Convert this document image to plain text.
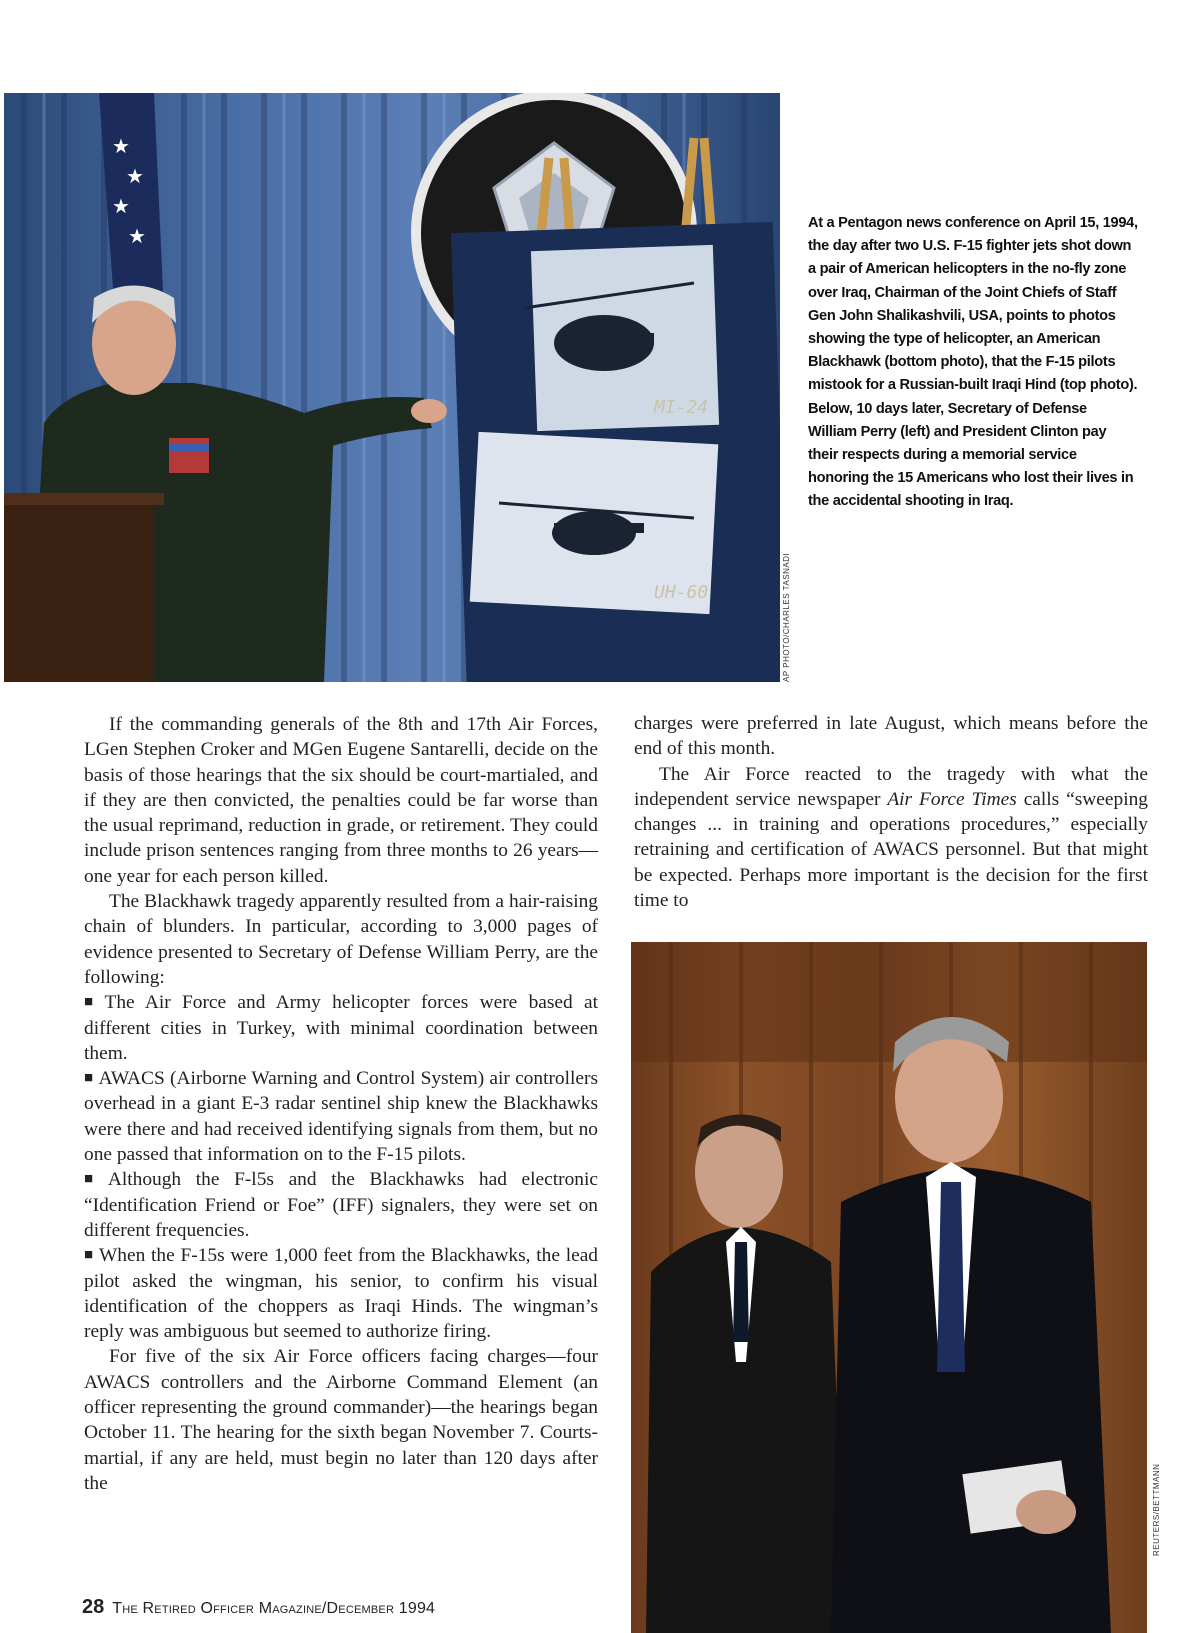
★
★
★
★
MI-24
UH-60	AP PHOTO/CHARLES TASNADI
At a Pentagon news conference on April 15, 1994, the day after two U.S. F-15 fighter jets shot down a pair of American helicopters in the no-fly zone over Iraq, Chairman of the Joint Chiefs of Staff Gen John Shalikashvili, USA, points to photos showing the type of helicopter, an American Blackhawk (bottom photo), that the F-15 pilots mistook for a Russian-built Iraqi Hind (top photo). Below, 10 days later, Secretary of Defense William Perry (left) and President Clinton pay their respects during a memorial service honoring the 15 Americans who lost their lives in the accidental shooting in Iraq.

If the commanding generals of the 8th and 17th Air Forces, LGen Stephen Croker and MGen Eugene Santarelli, decide on the basis of those hearings that the six should be court-martialed, and if they are then convicted, the penalties could be far worse than the usual reprimand, reduction in grade, or retirement. They could include prison sentences ranging from three months to 26 years—one year for each person killed.

The Blackhawk tragedy apparently resulted from a hair-raising chain of blunders. In particular, according to 3,000 pages of evidence presented to Secretary of Defense William Perry, are the following:

■ The Air Force and Army helicopter forces were based at different cities in Turkey, with minimal coordination between them.

■ AWACS (Airborne Warning and Control System) air controllers overhead in a giant E-3 radar sentinel ship knew the Blackhawks were there and had received identifying signals from them, but no one passed that information on to the F-15 pilots.

■ Although the F-l5s and the Blackhawks had electronic “Identification Friend or Foe” (IFF) signalers, they were set on different frequencies.

■ When the F-15s were 1,000 feet from the Blackhawks, the lead pilot asked the wingman, his senior, to confirm his visual identification of the choppers as Iraqi Hinds. The wingman’s reply was ambiguous but seemed to authorize firing.

For five of the six Air Force officers facing charges—four AWACS controllers and the Airborne Command Element (an officer representing the ground commander)—the hearings began October 11. The hearing for the sixth began November 7. Courts-martial, if any are held, must begin no later than 120 days after the

charges were preferred in late August, which means before the end of this month.

The Air Force reacted to the tragedy with what the independent service newspaper Air Force Times calls “sweeping changes ... in training and operations procedures,” especially retraining and certification of AWACS personnel. But that might be expected. Perhaps more important is the decision for the first time to

REUTERS/BETTMANN
28 The Retired Officer Magazine/December 1994
